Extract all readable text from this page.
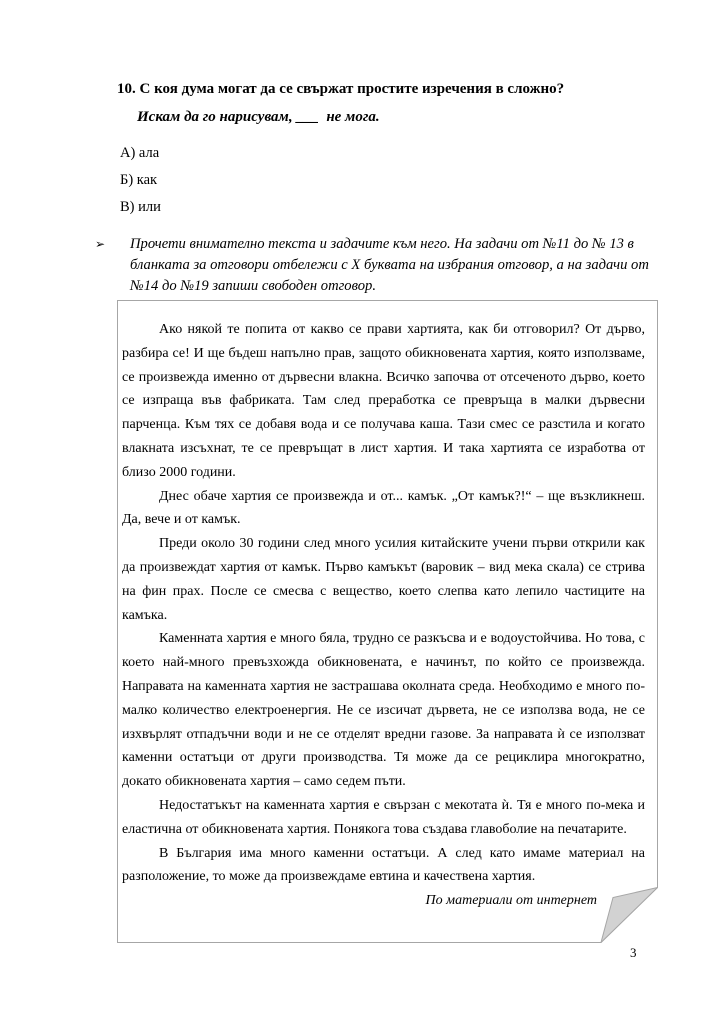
10. С коя дума могат да се свържат простите изречения в сложно?
Искам да го нарисувам, ___  не мога.
А) ала
Б) как
В) или
➢	Прочети внимателно текста и задачите към него. На задачи от №11 до № 13 в бланката за отговори отбележи с Х буквата на избрания отговор, а на задачи от №14 до №19 запиши свободен отговор.

Ако някой те попита от какво се прави хартията, как би отговорил? От дърво, разбира се! И ще бъдеш напълно прав, защото обикновената хартия, която използваме, се произвежда именно от дървесни влакна. Всичко започва от отсеченото дърво, което се изпраща във фабриката. Там след преработка се превръща в малки дървесни парченца. Към тях се добавя вода и се получава каша. Тази смес се разстила и когато влакната изсъхнат, те се превръщат в лист хартия. И така хартията се изработва от близо 2000 години.

Днес обаче хартия се произвежда и от... камък. „От камък?!“ – ще възкликнеш. Да, вече и от камък.

Преди около 30 години след много усилия китайските учени първи открили как да произвеждат хартия от камък. Първо камъкът (варовик – вид мека скала) се стрива на фин прах. После се смесва с вещество, което слепва като лепило частиците на камъка.

Каменната хартия е много бяла, трудно се разкъсва и е водоустойчива. Но това, с което най-много превъзхожда обикновената, е начинът, по който се произвежда. Направата на каменната хартия не застрашава околната среда. Необходимо е много по-малко количество електроенергия. Не се изсичат дървета, не се използва вода, не се изхвърлят отпадъчни води и не се отделят вредни газове. За направата ѝ се използват каменни остатъци от други производства. Тя може да се рециклира многократно, докато обикновената хартия – само седем пъти.

Недостатъкът на каменната хартия е свързан с мекотата ѝ. Тя е много по-мека и еластична от обикновената хартия. Понякога това създава главоболие на печатарите.

В България има много каменни остатъци. А след като имаме материал на разположение, то може да произвеждаме евтина и качествена хартия.

По материали от интернет

3
